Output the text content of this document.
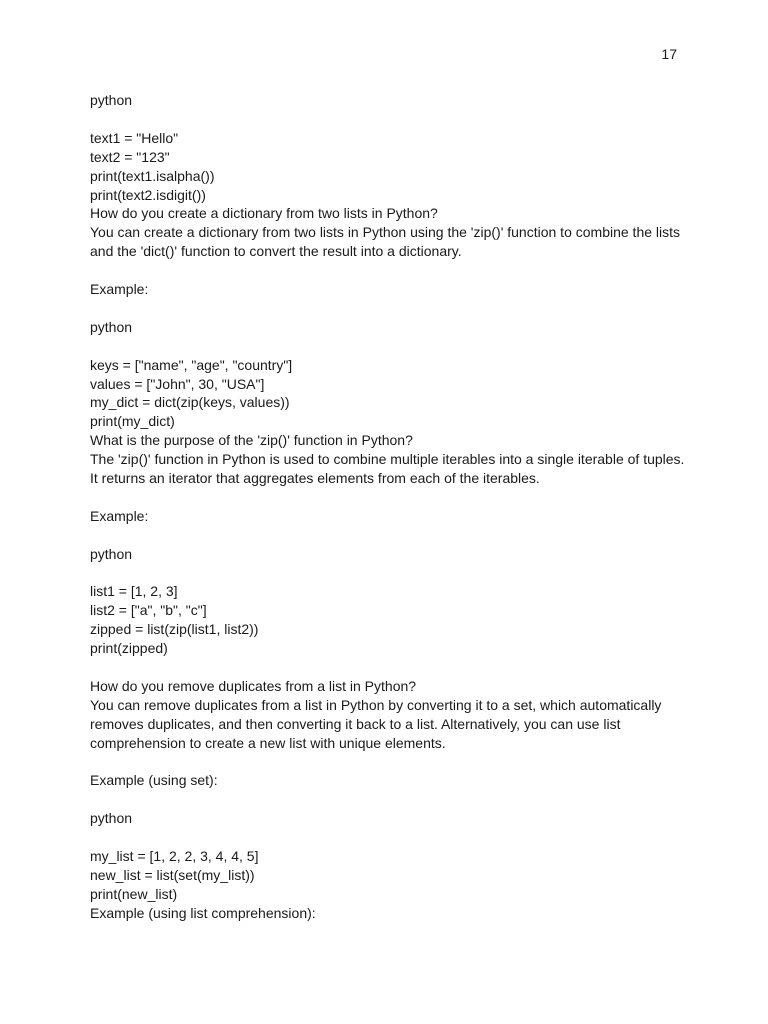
17
python
text1 = "Hello"
text2 = "123"
print(text1.isalpha())
print(text2.isdigit())
How do you create a dictionary from two lists in Python?
You can create a dictionary from two lists in Python using the 'zip()' function to combine the lists
and the 'dict()' function to convert the result into a dictionary.
Example:
python
keys = ["name", "age", "country"]
values = ["John", 30, "USA"]
my_dict = dict(zip(keys, values))
print(my_dict)
What is the purpose of the 'zip()' function in Python?
The 'zip()' function in Python is used to combine multiple iterables into a single iterable of tuples.
It returns an iterator that aggregates elements from each of the iterables.
Example:
python
list1 = [1, 2, 3]
list2 = ["a", "b", "c"]
zipped = list(zip(list1, list2))
print(zipped)
How do you remove duplicates from a list in Python?
You can remove duplicates from a list in Python by converting it to a set, which automatically
removes duplicates, and then converting it back to a list. Alternatively, you can use list
comprehension to create a new list with unique elements.
Example (using set):
python
my_list = [1, 2, 2, 3, 4, 4, 5]
new_list = list(set(my_list))
print(new_list)
Example (using list comprehension):
